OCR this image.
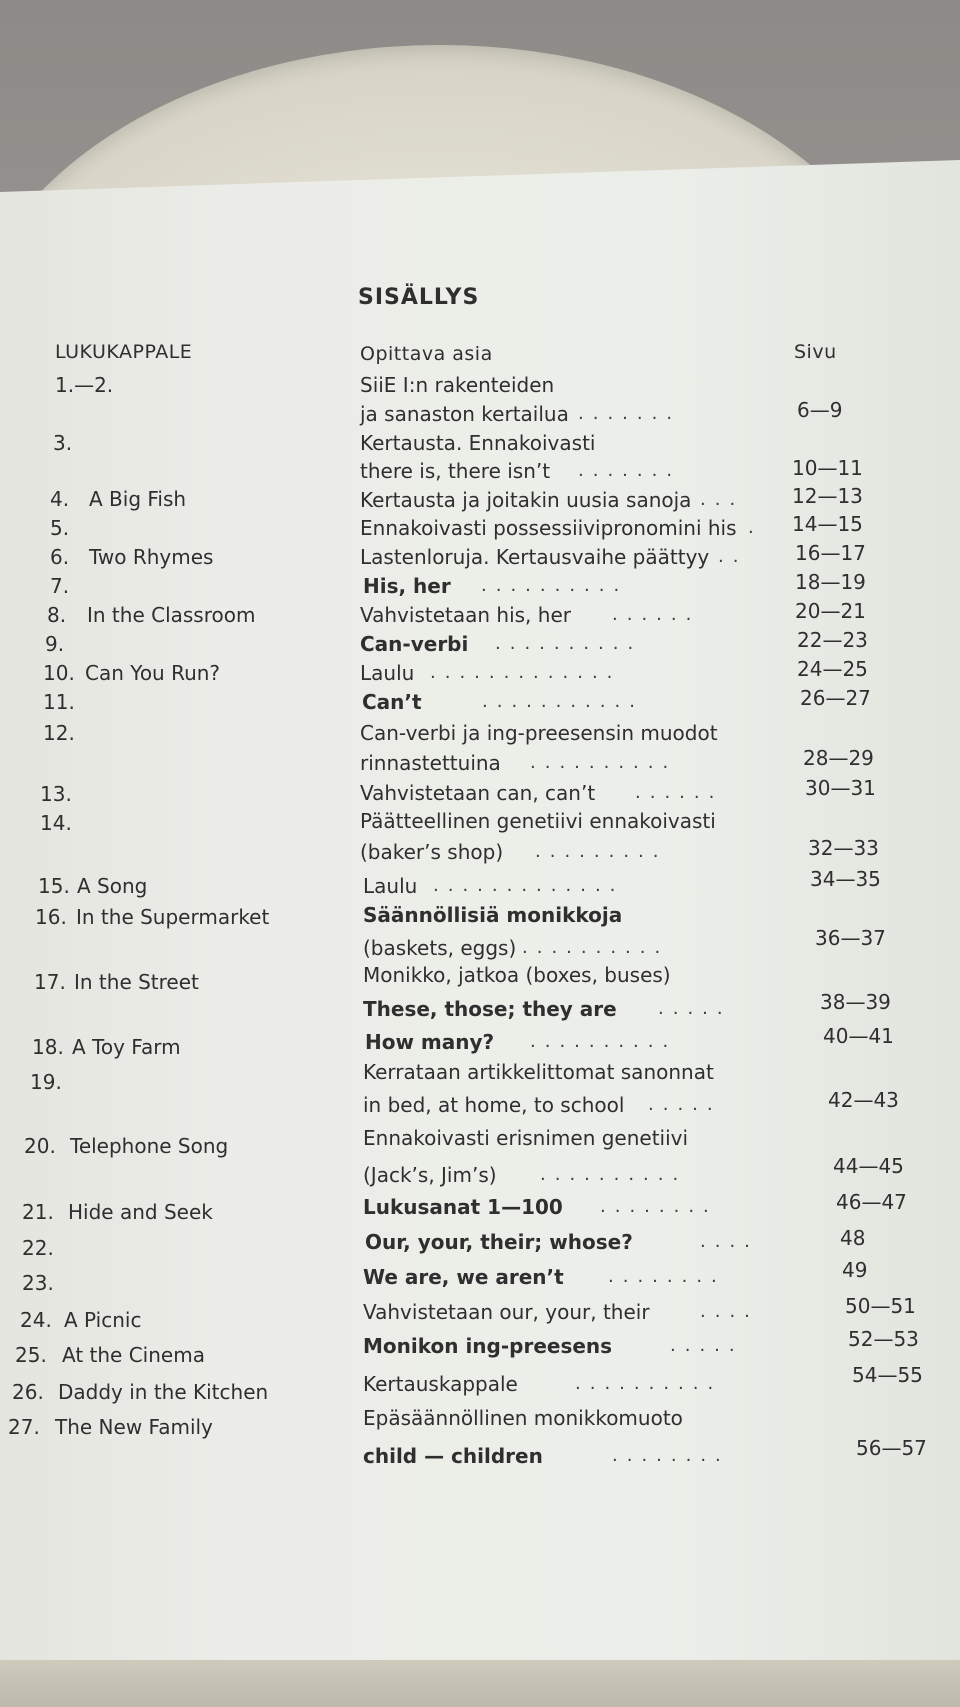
SISÄLLYS
LUKUKAPPALE	Opittava asia	Sivu
1.—2.	SiiE I:n rakenteiden
ja sanaston kertailua .......	6—9
3.	Kertausta. Ennakoivasti
there is, there isn’t .......	10—11
4. A Big Fish	Kertausta ja joitakin uusia sanoja ... 12—13
5.	Ennakoivasti possessiivipronomini his . 14—15
6. Two Rhymes	Lastenloruja. Kertausvaihe päättyy .. 16—17
7.	His, her ..........	18—19
8. In the Classroom	Vahvistetaan his, her ......	20—21
9.	Can-verbi ..........	22—23
10. Can You Run?	Laulu .............	24—25
11.	Can’t	...........	26—27
12.	Can-verbi ja ing-preesensin muodot
rinnastettuina ..........	28—29
13.	Vahvistetaan can, can’t ......	30—31
14.	Päätteellinen genetiivi ennakoivasti
(baker’s shop) .........	32—33
15. A Song	Laulu .............	34—35
16. In the Supermarket	Säännöllisiä monikkoja
(baskets, eggs) ..........	36—37
17. In the Street	Monikko, jatkoa (boxes, buses)
These, those; they are .....	38—39
18. A Toy Farm	How many? ..........	40—41
19.	Kerrataan artikkelittomat sanonnat
in bed, at home, to school .....	42—43
20. Telephone Song	Ennakoivasti erisnimen genetiivi
(Jack’s, Jim’s) ..........	44—45
21. Hide and Seek	Lukusanat 1—100 ........	46—47
22.	Our, your, their; whose?	....	48
23.	We are, we aren’t ........	49
24. A Picnic	Vahvistetaan our, your, their	....	50—51
25. At the Cinema	Monikon ing-preesens	.....	52—53
26. Daddy in the Kitchen	Kertauskappale	..........	54—55
27. The New Family	Epäsäännöllinen monikkomuoto
child — children	........	56—57
